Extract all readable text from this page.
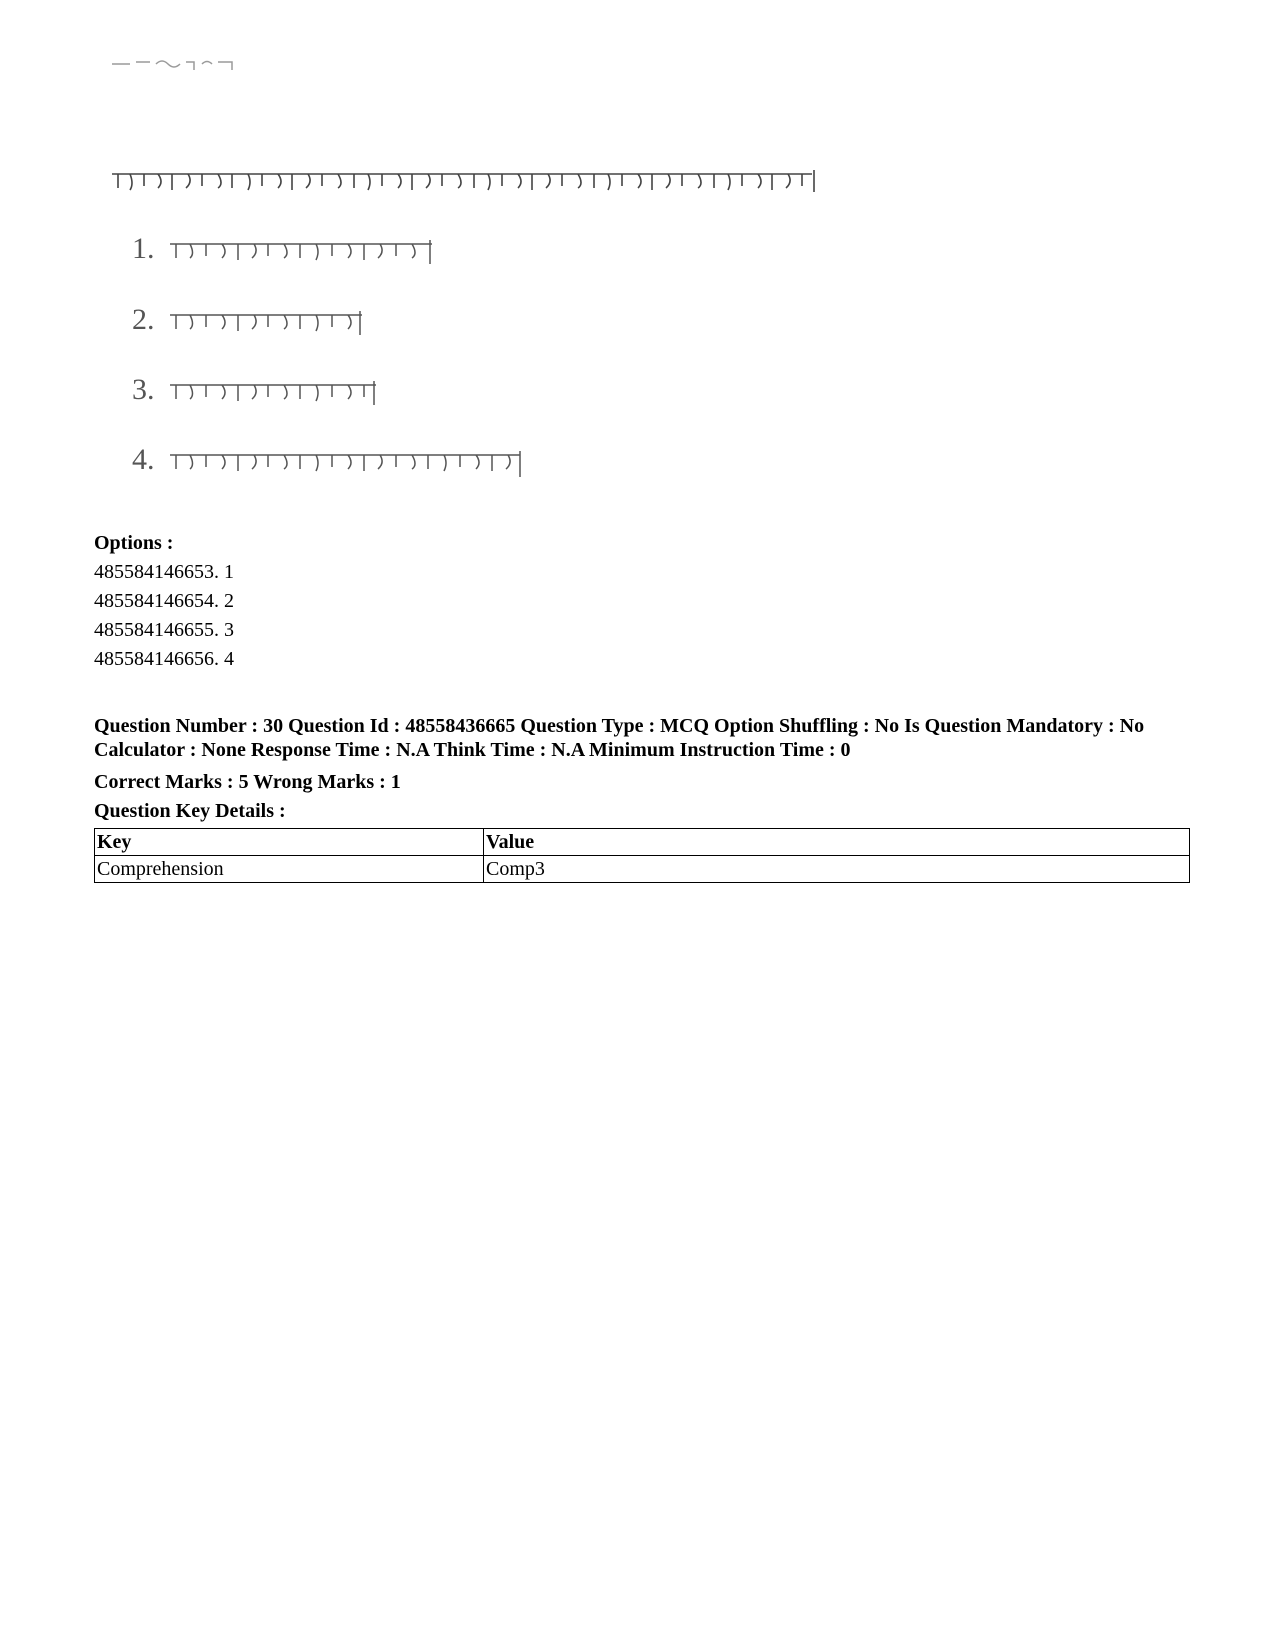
1.
2.
3.
4.
Options :
485584146653. 1
485584146654. 2
485584146655. 3
485584146656. 4
Question Number : 30 Question Id : 48558436665 Question Type : MCQ Option Shuffling : No Is Question Mandatory : No Calculator : None Response Time : N.A Think Time : N.A Minimum Instruction Time : 0
Correct Marks : 5 Wrong Marks : 1
Question Key Details :
Key	Value
Comprehension	Comp3
